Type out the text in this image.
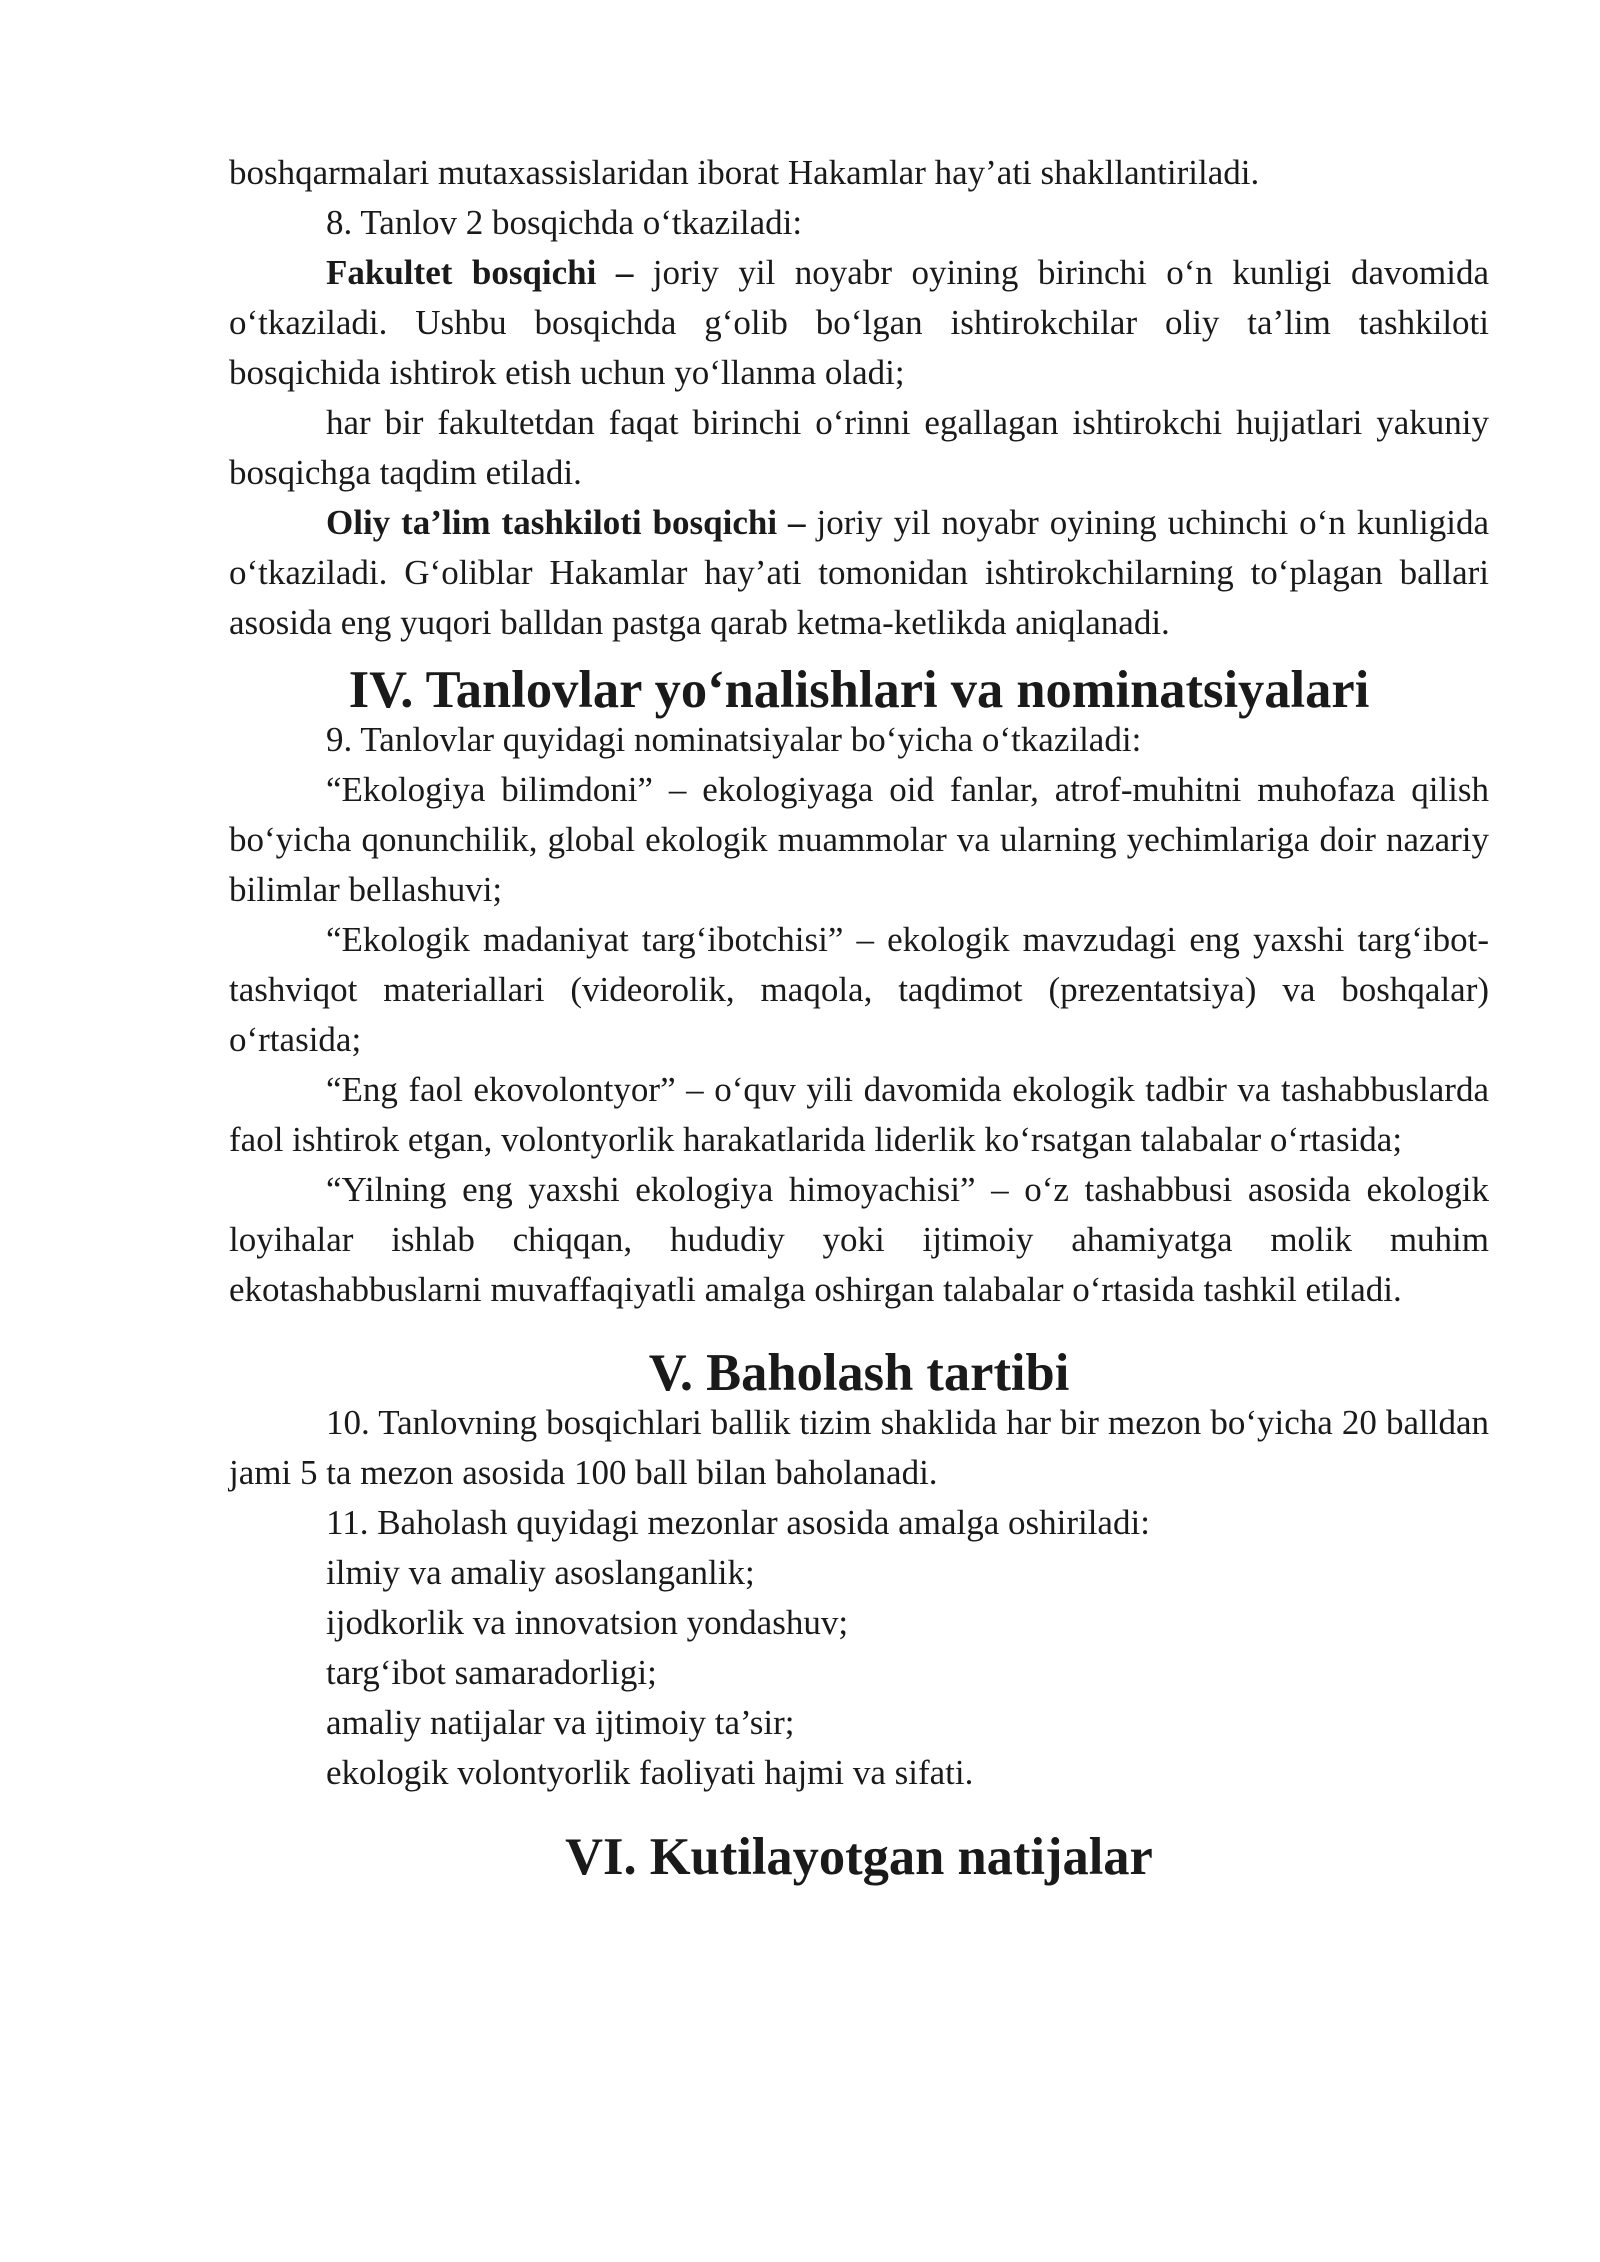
boshqarmalari mutaxassislaridan iborat Hakamlar hay’ati shakllantiriladi.

8. Tanlov 2 bosqichda o‘tkaziladi:

Fakultet bosqichi – joriy yil noyabr oyining birinchi o‘n kunligi davomida o‘tkaziladi. Ushbu bosqichda g‘olib bo‘lgan ishtirokchilar oliy ta’lim tashkiloti bosqichida ishtirok etish uchun yo‘llanma oladi;

har bir fakultetdan faqat birinchi o‘rinni egallagan ishtirokchi hujjatlari yakuniy bosqichga taqdim etiladi.

Oliy ta’lim tashkiloti bosqichi – joriy yil noyabr oyining uchinchi o‘n kunligida o‘tkaziladi. G‘oliblar Hakamlar hay’ati tomonidan ishtirokchilarning to‘plagan ballari asosida eng yuqori balldan pastga qarab ketma-ketlikda aniqlanadi.

IV. Tanlovlar yo‘nalishlari va nominatsiyalari

9. Tanlovlar quyidagi nominatsiyalar bo‘yicha o‘tkaziladi:

“Ekologiya bilimdoni” – ekologiyaga oid fanlar, atrof-muhitni muhofaza qilish bo‘yicha qonunchilik, global ekologik muammolar va ularning yechimlariga doir nazariy bilimlar bellashuvi;

“Ekologik madaniyat targ‘ibotchisi” – ekologik mavzudagi eng yaxshi targ‘ibot-tashviqot materiallari (videorolik, maqola, taqdimot (prezentatsiya) va boshqalar) o‘rtasida;

“Eng faol ekovolontyor” – o‘quv yili davomida ekologik tadbir va tashabbuslarda faol ishtirok etgan, volontyorlik harakatlarida liderlik ko‘rsatgan talabalar o‘rtasida;

“Yilning eng yaxshi ekologiya himoyachisi” – o‘z tashabbusi asosida ekologik loyihalar ishlab chiqqan, hududiy yoki ijtimoiy ahamiyatga molik muhim ekotashabbuslarni muvaffaqiyatli amalga oshirgan talabalar o‘rtasida tashkil etiladi.

V. Baholash tartibi

10. Tanlovning bosqichlari ballik tizim shaklida har bir mezon bo‘yicha 20 balldan jami 5 ta mezon asosida 100 ball bilan baholanadi.

11. Baholash quyidagi mezonlar asosida amalga oshiriladi:

ilmiy va amaliy asoslanganlik;

ijodkorlik va innovatsion yondashuv;

targ‘ibot samaradorligi;

amaliy natijalar va ijtimoiy ta’sir;

ekologik volontyorlik faoliyati hajmi va sifati.

VI. Kutilayotgan natijalar
